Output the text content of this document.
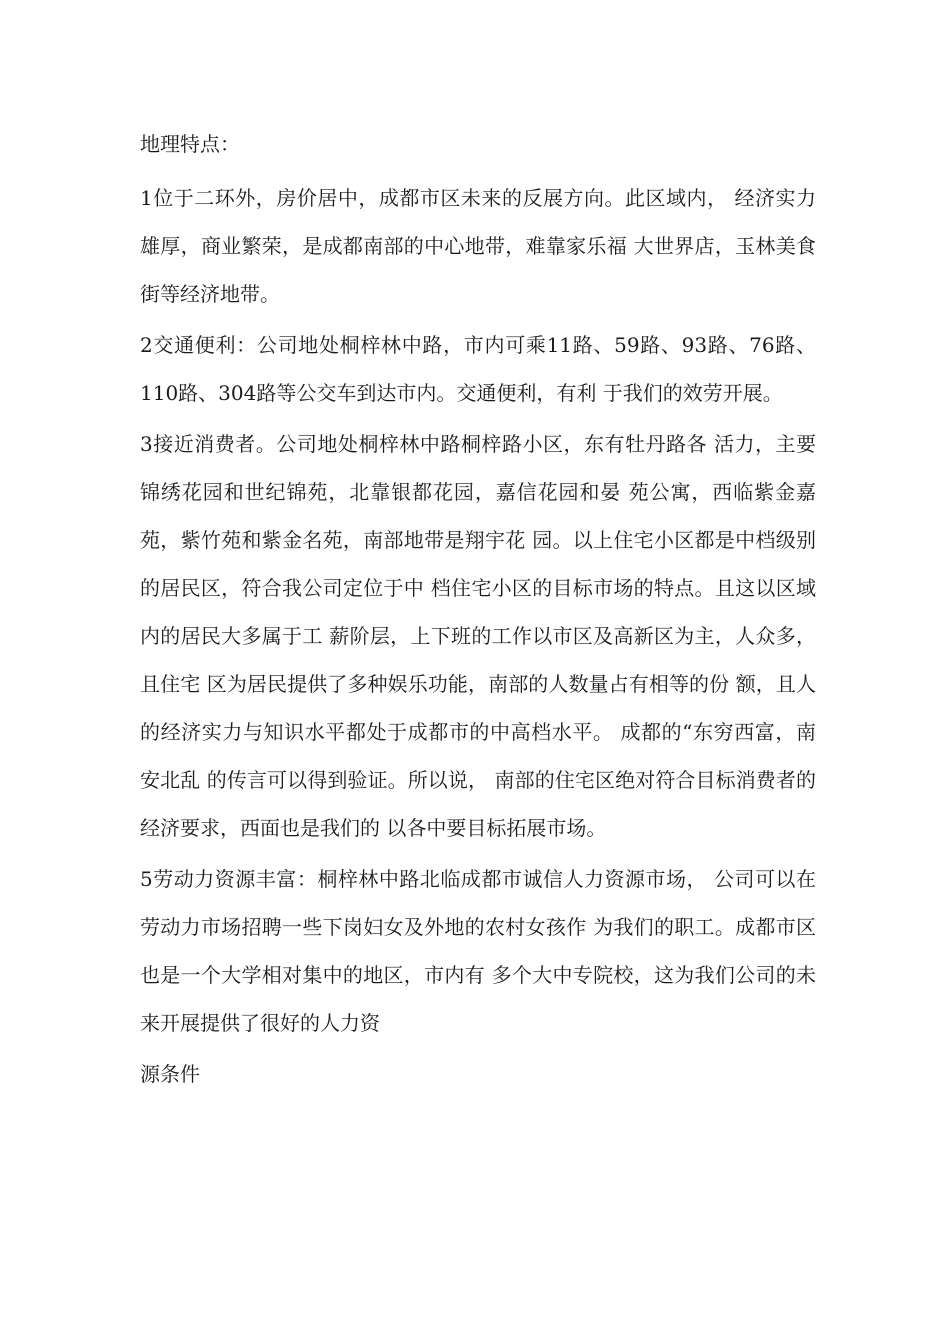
地理特点：

1位于二环外，房价居中，成都市区未来的反展方向。此区域内， 经济实力雄厚，商业繁荣，是成都南部的中心地带，难靠家乐福 大世界店，玉林美食街等经济地带。

2交通便利：公司地处桐梓林中路，市内可乘11路、59路、93路、76路、110路、304路等公交车到达市内。交通便利，有利 于我们的效劳开展。

3接近消费者。公司地处桐梓林中路桐梓路小区，东有牡丹路各 活力，主要锦绣花园和世纪锦苑，北靠银都花园，嘉信花园和晏 苑公寓，西临紫金嘉苑，紫竹苑和紫金名苑，南部地带是翔宇花 园。以上住宅小区都是中档级别的居民区，符合我公司定位于中 档住宅小区的目标市场的特点。且这以区域内的居民大多属于工 薪阶层，上下班的工作以市区及高新区为主，人众多，且住宅 区为居民提供了多种娱乐功能，南部的人数量占有相等的份 额，且人的经济实力与知识水平都处于成都市的中高档水平。 成都的“东穷西富，南安北乱 的传言可以得到验证。所以说， 南部的住宅区绝对符合目标消费者的经济要求，西面也是我们的 以各中要目标拓展市场。

5劳动力资源丰富：桐梓林中路北临成都市诚信人力资源市场， 公司可以在劳动力市场招聘一些下岗妇女及外地的农村女孩作 为我们的职工。成都市区也是一个大学相对集中的地区，市内有 多个大中专院校，这为我们公司的未来开展提供了很好的人力资

源条件
